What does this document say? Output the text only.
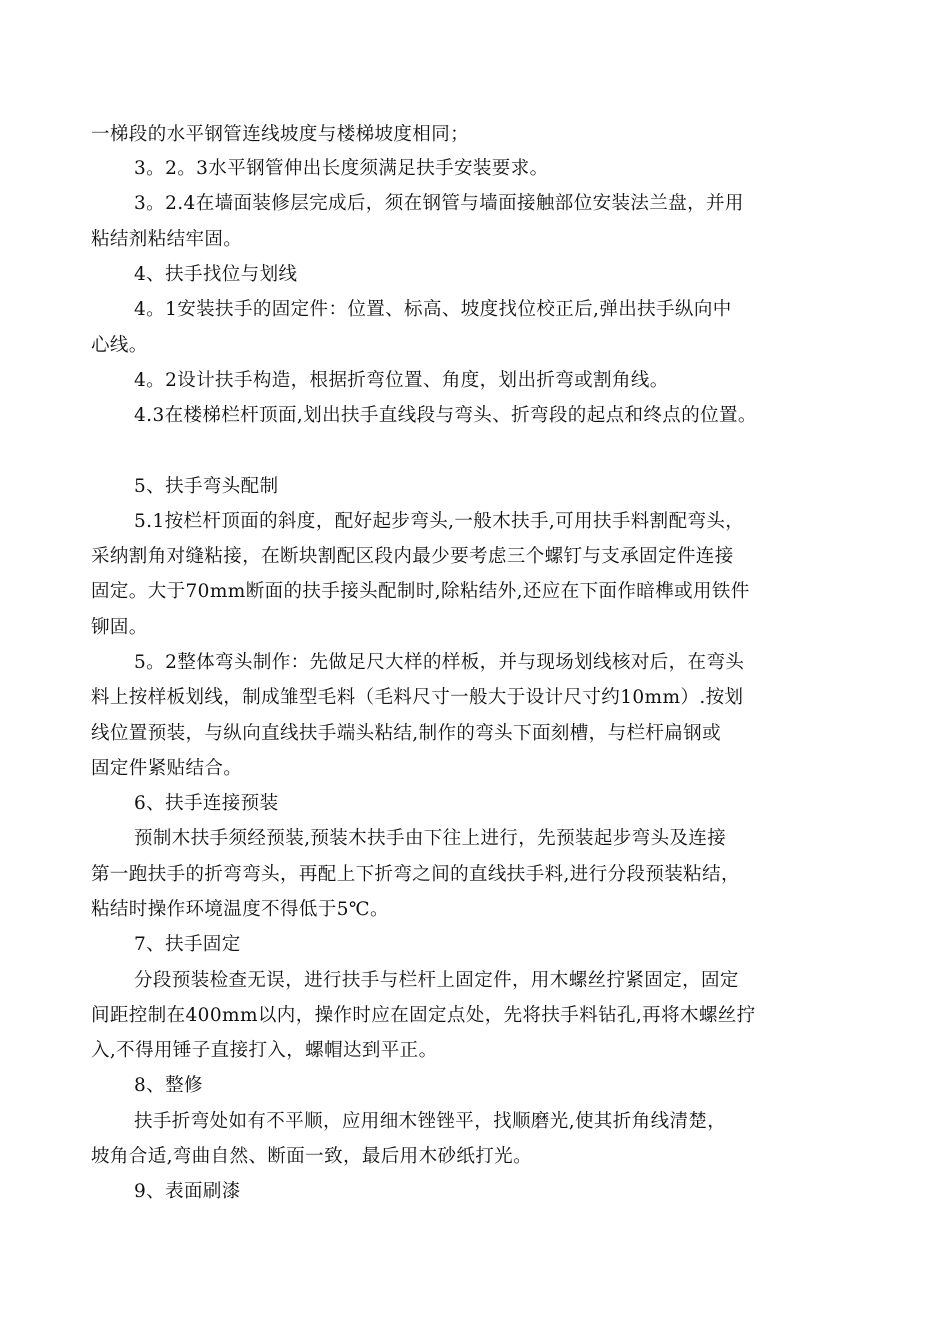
一梯段的水平钢管连线坡度与楼梯坡度相同；
3。2。3水平钢管伸出长度须满足扶手安装要求。
3。2.4在墙面装修层完成后，须在钢管与墙面接触部位安装法兰盘，并用
粘结剂粘结牢固。
4、扶手找位与划线
4。1安装扶手的固定件：位置、标高、坡度找位校正后,弹出扶手纵向中
心线。
4。2设计扶手构造，根据折弯位置、角度，划出折弯或割角线。
4.3在楼梯栏杆顶面,划出扶手直线段与弯头、折弯段的起点和终点的位置。
5、扶手弯头配制
5.1按栏杆顶面的斜度，配好起步弯头,一般木扶手,可用扶手料割配弯头，
采纳割角对缝粘接，在断块割配区段内最少要考虑三个螺钉与支承固定件连接
固定。大于70mm断面的扶手接头配制时,除粘结外,还应在下面作暗榫或用铁件
铆固。
5。2整体弯头制作：先做足尺大样的样板，并与现场划线核对后，在弯头
料上按样板划线，制成雏型毛料（毛料尺寸一般大于设计尺寸约10mm）.按划
线位置预装，与纵向直线扶手端头粘结,制作的弯头下面刻槽，与栏杆扁钢或
固定件紧贴结合。
6、扶手连接预装
预制木扶手须经预装,预装木扶手由下往上进行，先预装起步弯头及连接
第一跑扶手的折弯弯头，再配上下折弯之间的直线扶手料,进行分段预装粘结，
粘结时操作环境温度不得低于5℃。
7、扶手固定
分段预装检查无误，进行扶手与栏杆上固定件，用木螺丝拧紧固定，固定
间距控制在400mm以内，操作时应在固定点处，先将扶手料钻孔,再将木螺丝拧
入,不得用锤子直接打入，螺帽达到平正。
8、整修
扶手折弯处如有不平顺，应用细木锉锉平，找顺磨光,使其折角线清楚，
坡角合适,弯曲自然、断面一致，最后用木砂纸打光。
9、表面刷漆
